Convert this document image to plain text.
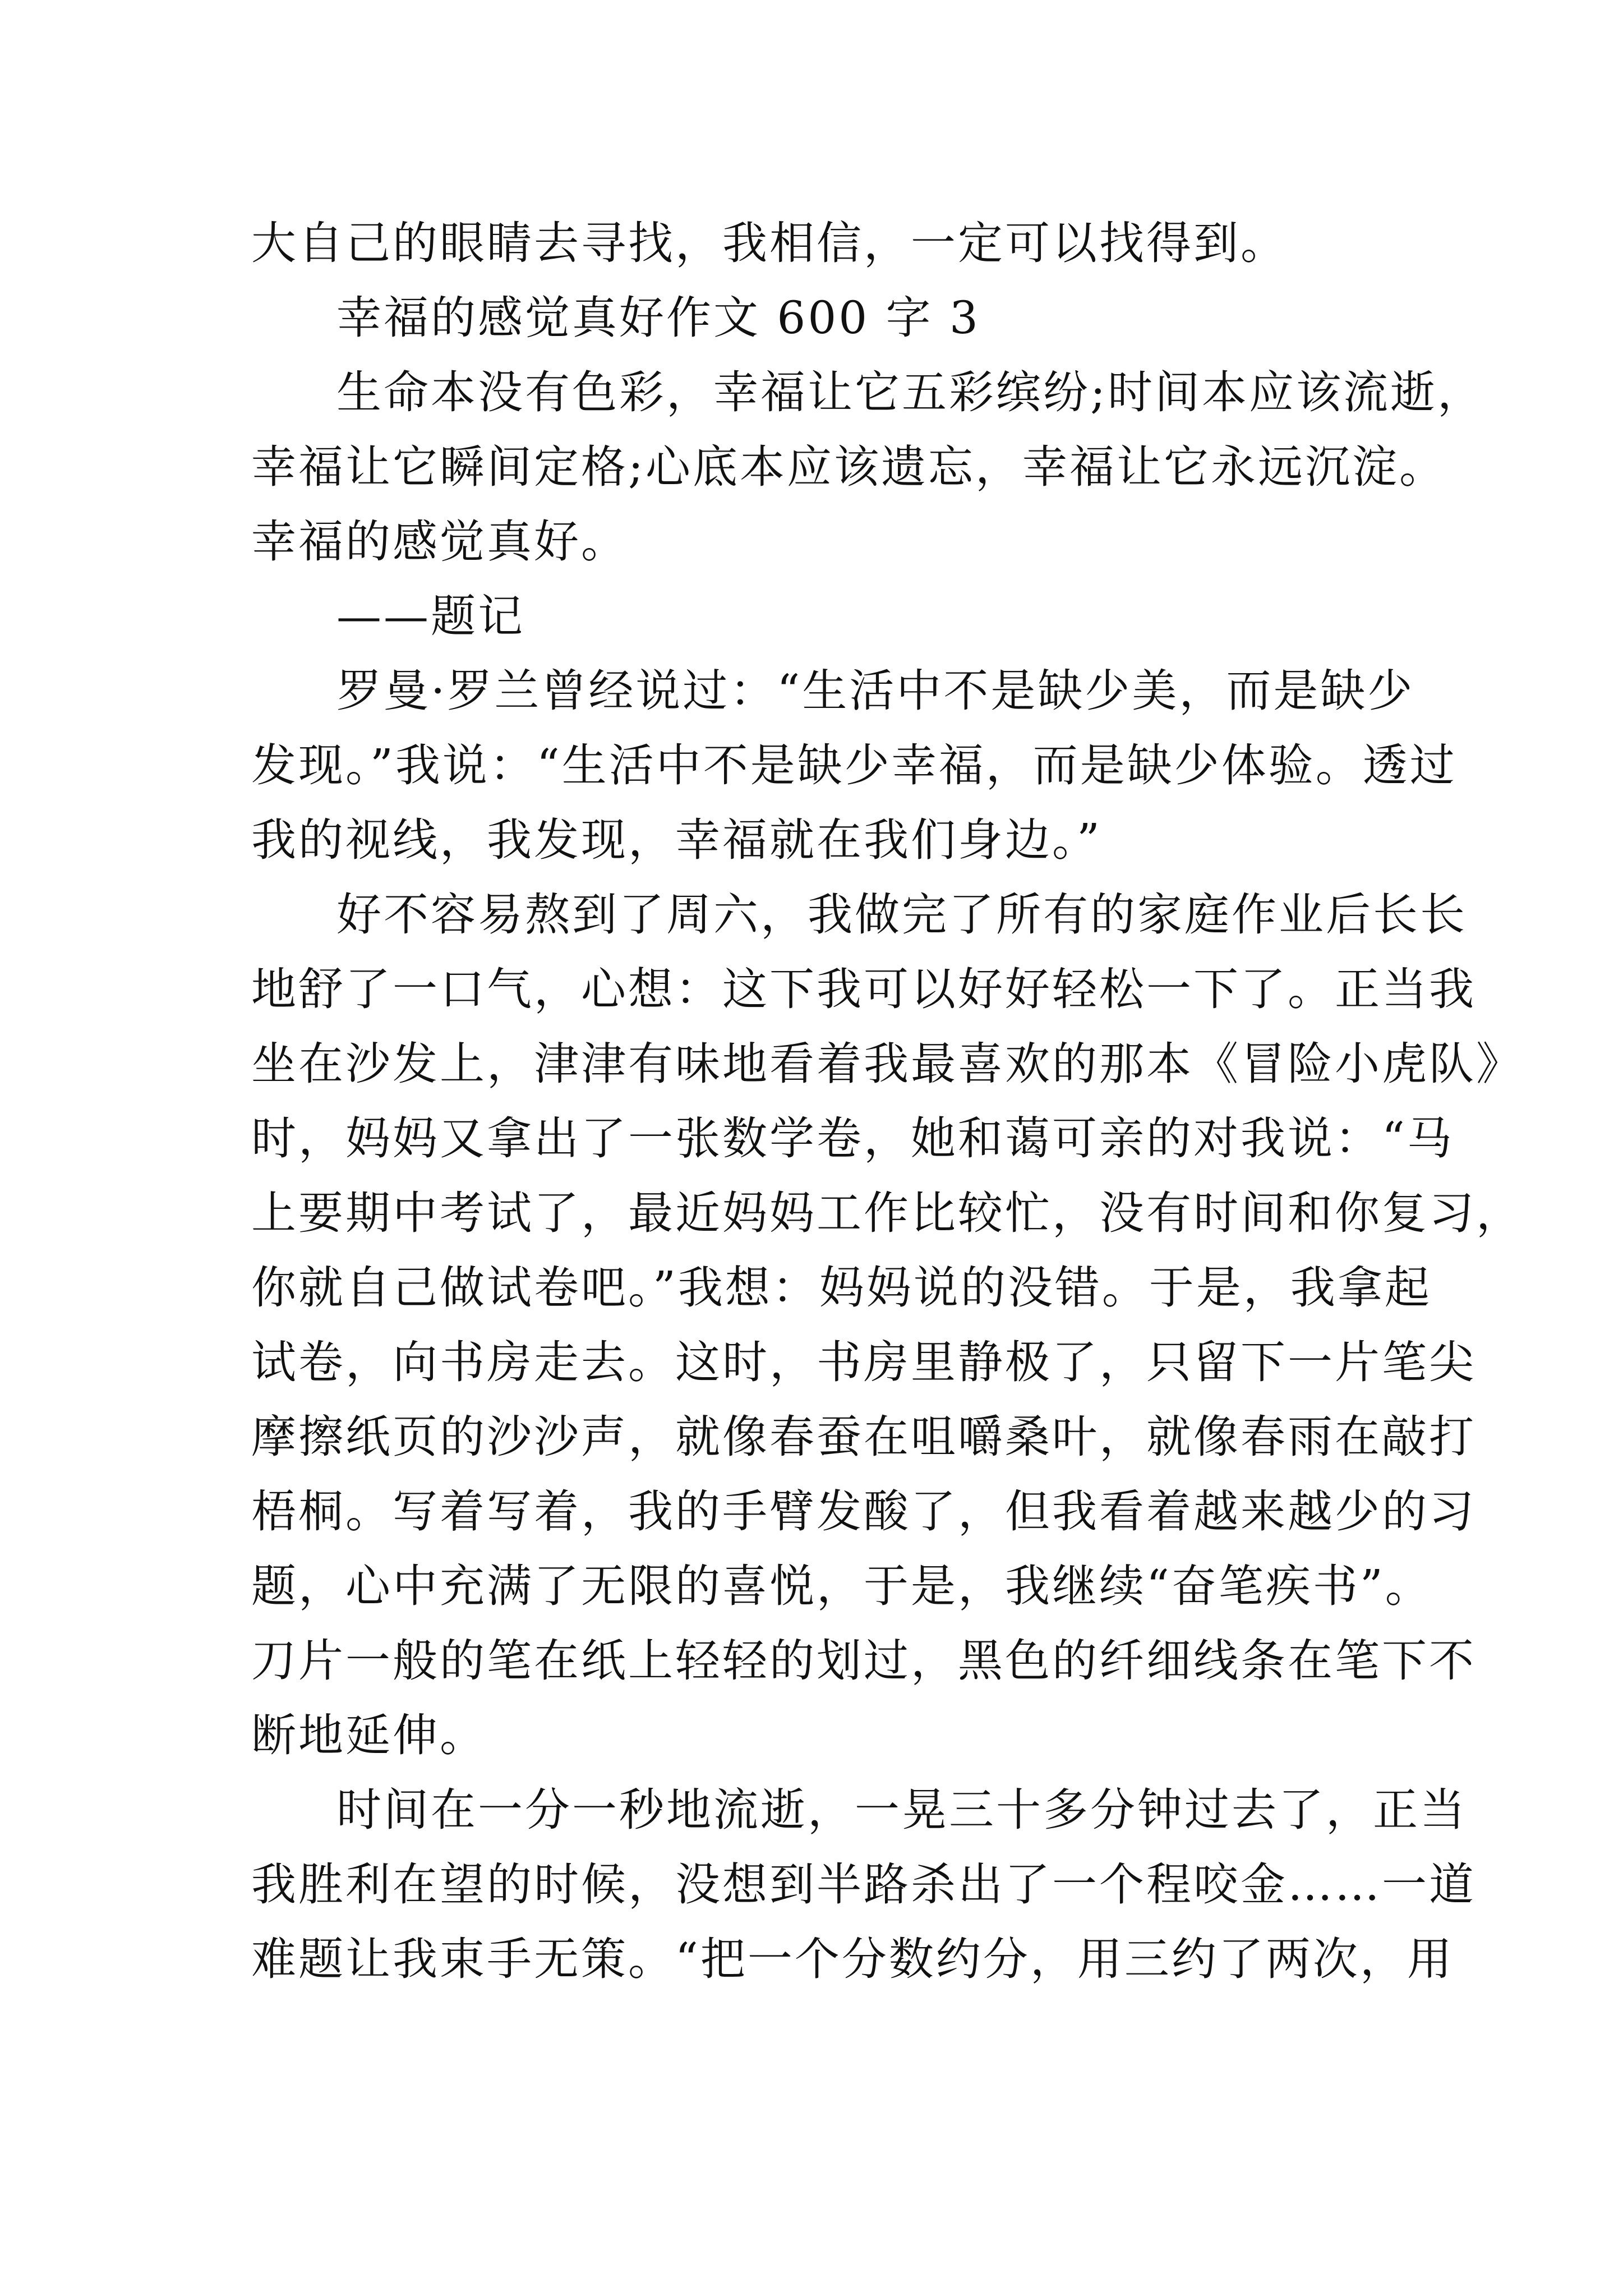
大自己的眼睛去寻找，我相信，一定可以找得到。
幸福的感觉真好作文 600 字 3
生命本没有色彩，幸福让它五彩缤纷;时间本应该流逝，
幸福让它瞬间定格;心底本应该遗忘，幸福让它永远沉淀。
幸福的感觉真好。
——题记
罗曼·罗兰曾经说过：“生活中不是缺少美，而是缺少
发现。”我说：“生活中不是缺少幸福，而是缺少体验。透过
我的视线，我发现，幸福就在我们身边。”
好不容易熬到了周六，我做完了所有的家庭作业后长长
地舒了一口气，心想：这下我可以好好轻松一下了。正当我
坐在沙发上，津津有味地看着我最喜欢的那本《冒险小虎队》
时，妈妈又拿出了一张数学卷，她和蔼可亲的对我说：“马
上要期中考试了，最近妈妈工作比较忙，没有时间和你复习，
你就自己做试卷吧。”我想：妈妈说的没错。于是，我拿起
试卷，向书房走去。这时，书房里静极了，只留下一片笔尖
摩擦纸页的沙沙声，就像春蚕在咀嚼桑叶，就像春雨在敲打
梧桐。写着写着，我的手臂发酸了，但我看着越来越少的习
题，心中充满了无限的喜悦，于是，我继续“奋笔疾书”。
刀片一般的笔在纸上轻轻的划过，黑色的纤细线条在笔下不
断地延伸。
时间在一分一秒地流逝，一晃三十多分钟过去了，正当
我胜利在望的时候，没想到半路杀出了一个程咬金……一道
难题让我束手无策。“把一个分数约分，用三约了两次，用
